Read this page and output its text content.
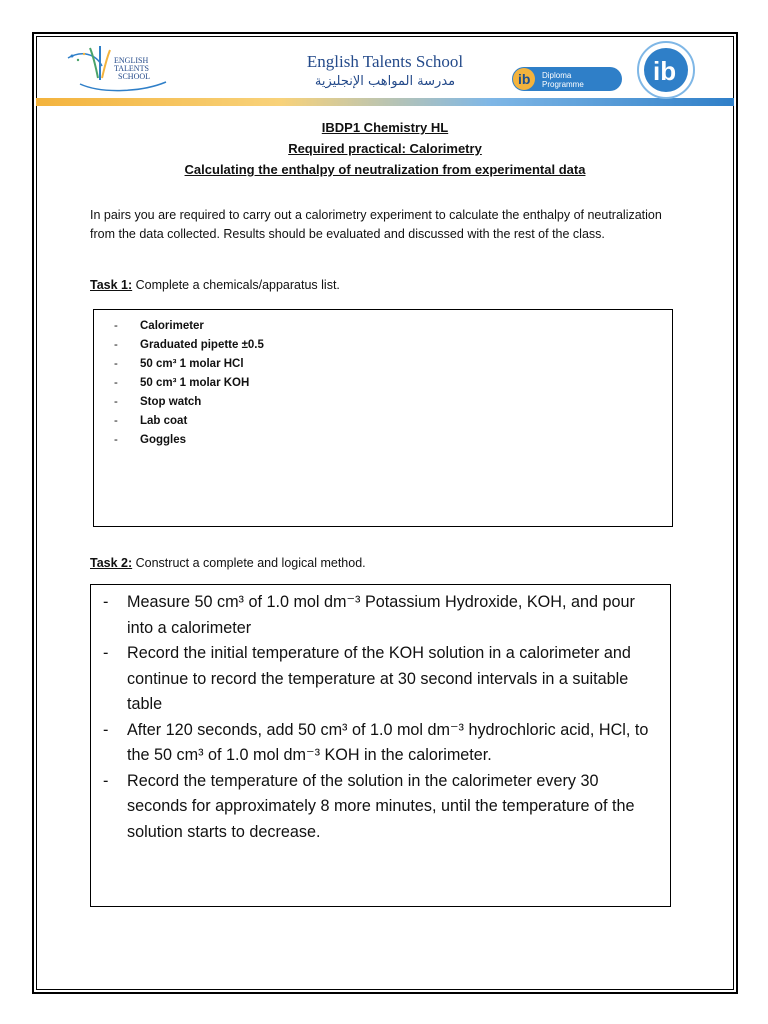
ENGLISH
TALENTS
SCHOOL
English Talents School
مدرسة المواهب الإنجليزية	ib Diploma
Programme	ib
IBDP1 Chemistry HL
Required practical: Calorimetry
Calculating the enthalpy of neutralization from experimental data
In pairs you are required to carry out a calorimetry experiment to calculate the enthalpy of neutralization from the data collected. Results should be evaluated and discussed with the rest of the class.
Task 1: Complete a chemicals/apparatus list.
- Calorimeter
- Graduated pipette ±0.5
- 50 cm³ 1 molar HCl
- 50 cm³ 1 molar KOH
- Stop watch
- Lab coat
- Goggles
Task 2: Construct a complete and logical method.
- Measure 50 cm³ of 1.0 mol dm⁻³ Potassium Hydroxide, KOH, and pour into a calorimeter
- Record the initial temperature of the KOH solution in a calorimeter and continue to record the temperature at 30 second intervals in a suitable table
- After 120 seconds, add 50 cm³ of 1.0 mol dm⁻³ hydrochloric acid, HCl, to the 50 cm³ of 1.0 mol dm⁻³ KOH in the calorimeter.
- Record the temperature of the solution in the calorimeter every 30 seconds for approximately 8 more minutes, until the temperature of the solution starts to decrease.
